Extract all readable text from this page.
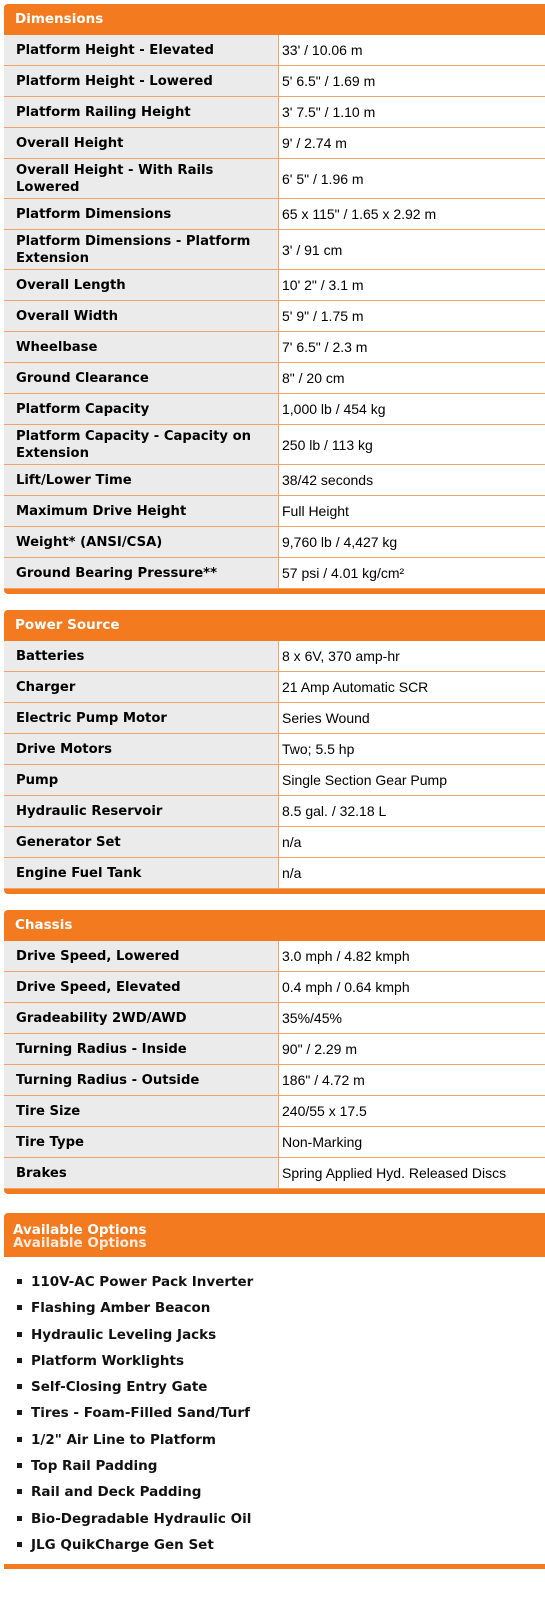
Dimensions
Platform Height - Elevated	33' / 10.06 m
Platform Height - Lowered	5' 6.5" / 1.69 m
Platform Railing Height	3' 7.5" / 1.10 m
Overall Height	9' / 2.74 m
Overall Height - With Rails Lowered	6' 5" / 1.96 m
Platform Dimensions	65 x 115" / 1.65 x 2.92 m
Platform Dimensions - Platform Extension	3' / 91 cm
Overall Length	10' 2" / 3.1 m
Overall Width	5' 9" / 1.75 m
Wheelbase	7' 6.5" / 2.3 m
Ground Clearance	8" / 20 cm
Platform Capacity	1,000 lb / 454 kg
Platform Capacity - Capacity on Extension	250 lb / 113 kg
Lift/Lower Time	38/42 seconds
Maximum Drive Height	Full Height
Weight* (ANSI/CSA)	9,760 lb / 4,427 kg
Ground Bearing Pressure**	57 psi / 4.01 kg/cm²
Power Source
Batteries	8 x 6V, 370 amp-hr
Charger	21 Amp Automatic SCR
Electric Pump Motor	Series Wound
Drive Motors	Two; 5.5 hp
Pump	Single Section Gear Pump
Hydraulic Reservoir	8.5 gal. / 32.18 L
Generator Set	n/a
Engine Fuel Tank	n/a
Chassis
Drive Speed, Lowered	3.0 mph / 4.82 kmph
Drive Speed, Elevated	0.4 mph / 0.64 kmph
Gradeability 2WD/AWD	35%/45%
Turning Radius - Inside	90" / 2.29 m
Turning Radius - Outside	186" / 4.72 m
Tire Size	240/55 x 17.5
Tire Type	Non-Marking
Brakes	Spring Applied Hyd. Released Discs
Available Options
Available Options
110V-AC Power Pack Inverter
Flashing Amber Beacon
Hydraulic Leveling Jacks
Platform Worklights
Self-Closing Entry Gate
Tires - Foam-Filled Sand/Turf
1/2" Air Line to Platform
Top Rail Padding
Rail and Deck Padding
Bio-Degradable Hydraulic Oil
JLG QuikCharge Gen Set
